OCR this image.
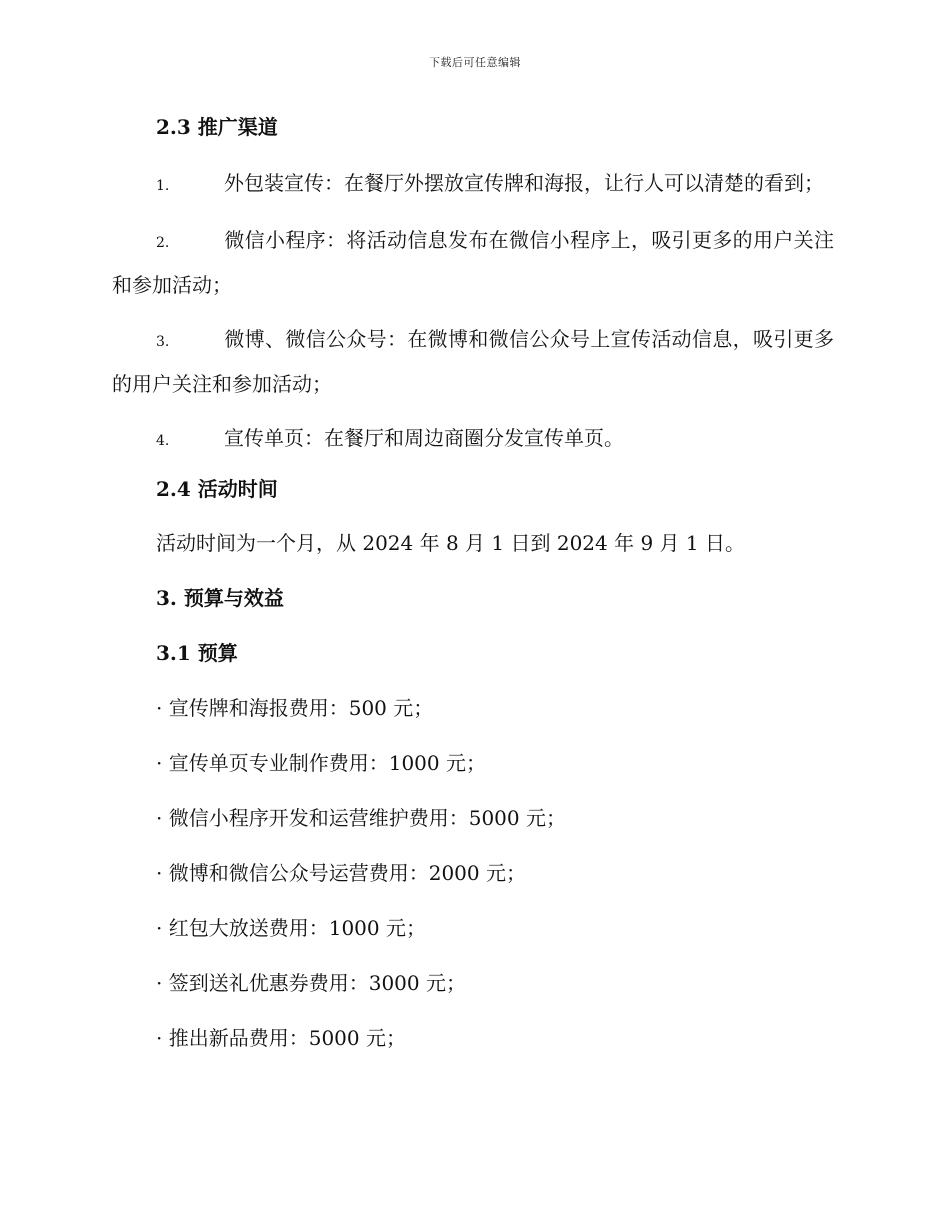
下载后可任意编辑
2.3 推广渠道
1.	外包装宣传：在餐厅外摆放宣传牌和海报，让行人可以清楚的看到；
2.	微信小程序：将活动信息发布在微信小程序上，吸引更多的用户关注和参加活动；
3.	微博、微信公众号：在微博和微信公众号上宣传活动信息，吸引更多的用户关注和参加活动；
4.	宣传单页：在餐厅和周边商圈分发宣传单页。
2.4 活动时间
活动时间为一个月，从 2024 年 8 月 1 日到 2024 年 9 月 1 日。
3. 预算与效益
3.1 预算
· 宣传牌和海报费用：500 元；
· 宣传单页专业制作费用：1000 元；
· 微信小程序开发和运营维护费用：5000 元；
· 微博和微信公众号运营费用：2000 元；
· 红包大放送费用：1000 元；
· 签到送礼优惠券费用：3000 元；
· 推出新品费用：5000 元；
